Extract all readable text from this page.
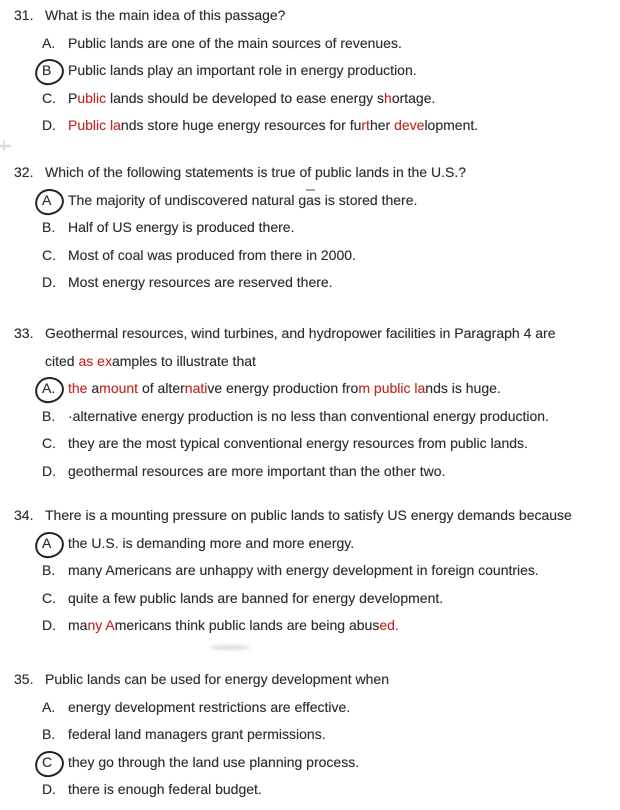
31. What is the main idea of this passage?
A. Public lands are one of the main sources of revenues.
B	Public lands play an important role in energy production.
C. Public lands should be developed to ease energy shortage.
D. Public lands store huge energy resources for further development.
32. Which of the following statements is true of public lands in the U.S.?
A	The majority of undiscovered natural gas is stored there.
B. Half of US energy is produced there.
C. Most of coal was produced from there in 2000.
D. Most energy resources are reserved there.
33. Geothermal resources, wind turbines, and hydropower facilities in Paragraph 4 are
cited as examples to illustrate that
A. the amount of alternative energy production from public lands is huge.
B. ·alternative energy production is no less than conventional energy production.
C. they are the most typical conventional energy resources from public lands.
D. geothermal resources are more important than the other two.
34. There is a mounting pressure on public lands to satisfy US energy demands because
A	the U.S. is demanding more and more energy.
B. many Americans are unhappy with energy development in foreign countries.
C. quite a few public lands are banned for energy development.
D. many Americans think public lands are being abused.
35. Public lands can be used for energy development when
A. energy development restrictions are effective.
B. federal land managers grant permissions.
C	they go through the land use planning process.
D. there is enough federal budget.
